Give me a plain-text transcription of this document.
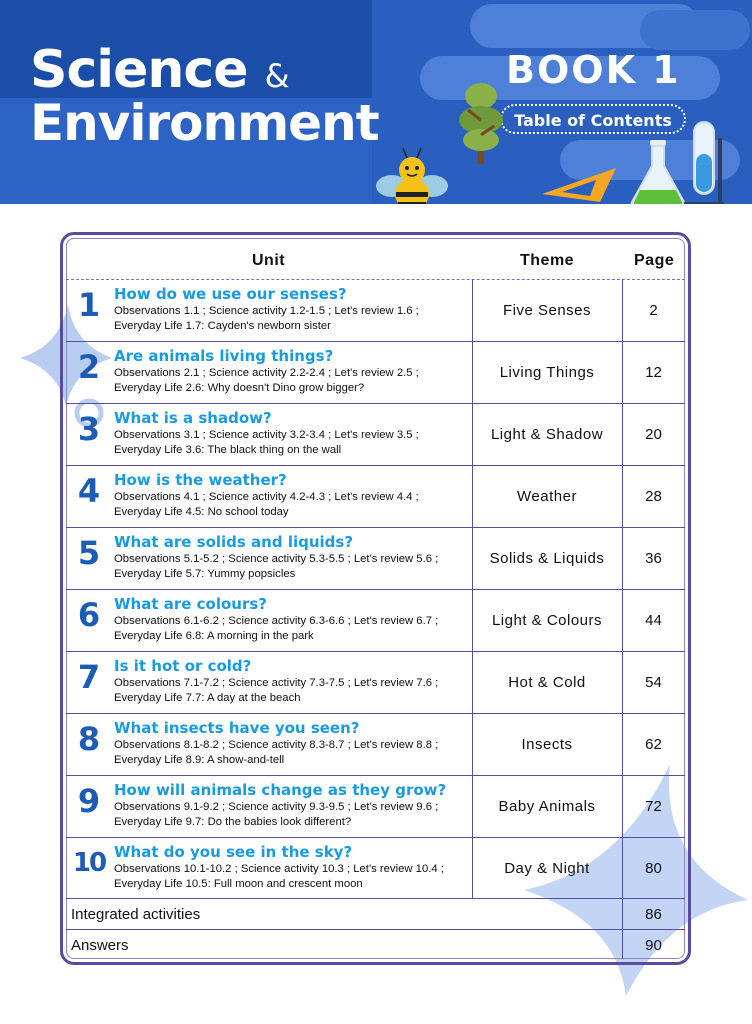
Science &
Environment
BOOK 1
Table of Contents
Unit	Theme	Page
1 How do we use our senses?
Observations 1.1 ; Science activity 1.2-1.5 ; Let's review 1.6 ;
Everyday Life 1.7: Cayden's newborn sister
Five Senses	2
2 Are animals living things?
Observations 2.1 ; Science activity 2.2-2.4 ; Let's review 2.5 ;
Everyday Life 2.6: Why doesn't Dino grow bigger?
Living Things	12
3 What is a shadow?
Observations 3.1 ; Science activity 3.2-3.4 ; Let's review 3.5 ;
Everyday Life 3.6: The black thing on the wall
Light & Shadow	20
4 How is the weather?
Observations 4.1 ; Science activity 4.2-4.3 ; Let's review 4.4 ;
Everyday Life 4.5: No school today
Weather	28
5 What are solids and liquids?
Observations 5.1-5.2 ; Science activity 5.3-5.5 ; Let's review 5.6 ;
Everyday Life 5.7: Yummy popsicles
Solids & Liquids	36
6 What are colours?
Observations 6.1-6.2 ; Science activity 6.3-6.6 ; Let's review 6.7 ;
Everyday Life 6.8: A morning in the park
Light & Colours	44
7 Is it hot or cold?
Observations 7.1-7.2 ; Science activity 7.3-7.5 ; Let's review 7.6 ;
Everyday Life 7.7: A day at the beach
Hot & Cold	54
8 What insects have you seen?
Observations 8.1-8.2 ; Science activity 8.3-8.7 ; Let's review 8.8 ;
Everyday Life 8.9: A show-and-tell
Insects	62
9 How will animals change as they grow?
Observations 9.1-9.2 ; Science activity 9.3-9.5 ; Let's review 9.6 ;
Everyday Life 9.7: Do the babies look different?
Baby Animals	72
10 What do you see in the sky?
Observations 10.1-10.2 ; Science activity 10.3 ; Let's review 10.4 ;
Everyday Life 10.5: Full moon and crescent moon
Day & Night	80
Integrated activities	86
Answers	90
